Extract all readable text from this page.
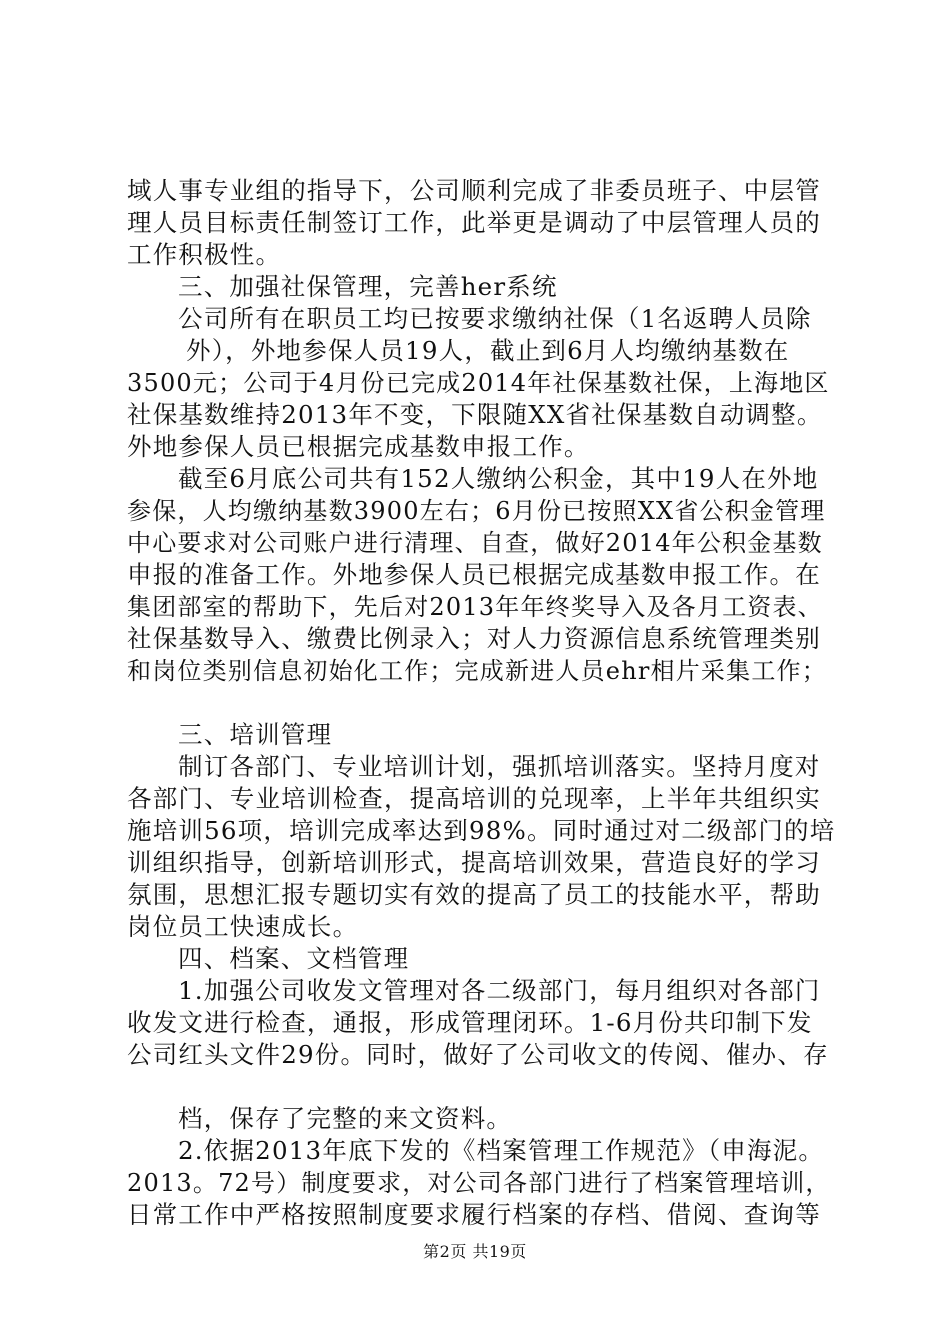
域人事专业组的指导下，公司顺利完成了非委员班子、中层管
理人员目标责任制签订工作，此举更是调动了中层管理人员的
工作积极性。
三、加强社保管理，完善her系统
公司所有在职员工均已按要求缴纳社保（1名返聘人员除
外），外地参保人员19人，截止到6月人均缴纳基数在
3500元；公司于4月份已完成2014年社保基数社保，上海地区
社保基数维持2013年不变，下限随XX省社保基数自动调整。
外地参保人员已根据完成基数申报工作。
截至6月底公司共有152人缴纳公积金，其中19人在外地
参保，人均缴纳基数3900左右；6月份已按照XX省公积金管理
中心要求对公司账户进行清理、自查，做好2014年公积金基数
申报的准备工作。外地参保人员已根据完成基数申报工作。在
集团部室的帮助下，先后对2013年年终奖导入及各月工资表、
社保基数导入、缴费比例录入；对人力资源信息系统管理类别
和岗位类别信息初始化工作；完成新进人员ehr相片采集工作；
三、培训管理
制订各部门、专业培训计划，强抓培训落实。坚持月度对
各部门、专业培训检查，提高培训的兑现率，上半年共组织实
施培训56项，培训完成率达到98%。同时通过对二级部门的培
训组织指导，创新培训形式，提高培训效果，营造良好的学习
氛围，思想汇报专题切实有效的提高了员工的技能水平，帮助
岗位员工快速成长。
四、档案、文档管理
1.加强公司收发文管理对各二级部门，每月组织对各部门
收发文进行检查，通报，形成管理闭环。1-6月份共印制下发
公司红头文件29份。同时，做好了公司收文的传阅、催办、存
档，保存了完整的来文资料。
2.依据2013年底下发的《档案管理工作规范》（申海泥。
2013。72号）制度要求，对公司各部门进行了档案管理培训，
日常工作中严格按照制度要求履行档案的存档、借阅、查询等
第2页 共19页
